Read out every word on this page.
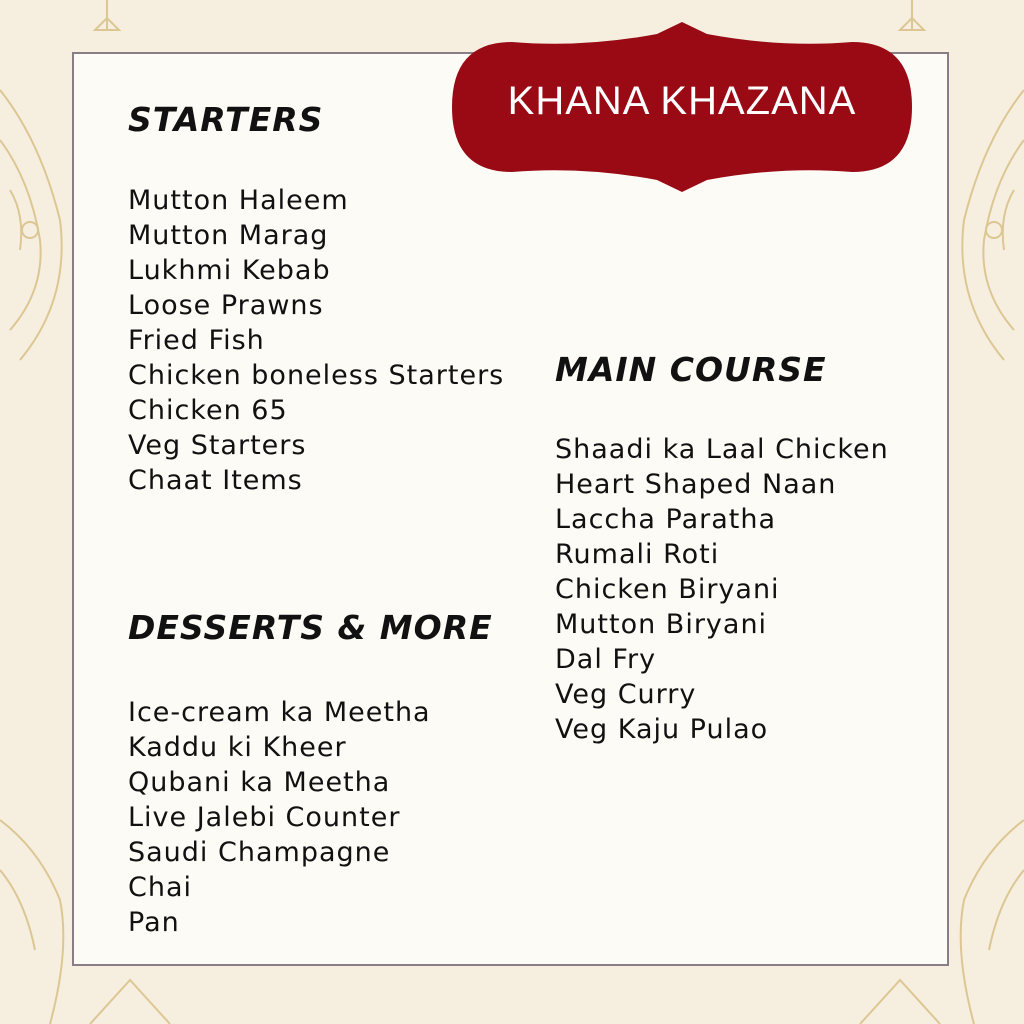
KHANA KHAZANA
STARTERS
Mutton Haleem
Mutton Marag
Lukhmi Kebab
Loose Prawns
Fried Fish
Chicken boneless Starters
Chicken 65
Veg Starters
Chaat Items
DESSERTS & MORE
Ice-cream ka Meetha
Kaddu ki Kheer
Qubani ka Meetha
Live Jalebi Counter
Saudi Champagne
Chai
Pan
MAIN COURSE
Shaadi ka Laal Chicken
Heart Shaped Naan
Laccha Paratha
Rumali Roti
Chicken Biryani
Mutton Biryani
Dal Fry
Veg Curry
Veg Kaju Pulao
